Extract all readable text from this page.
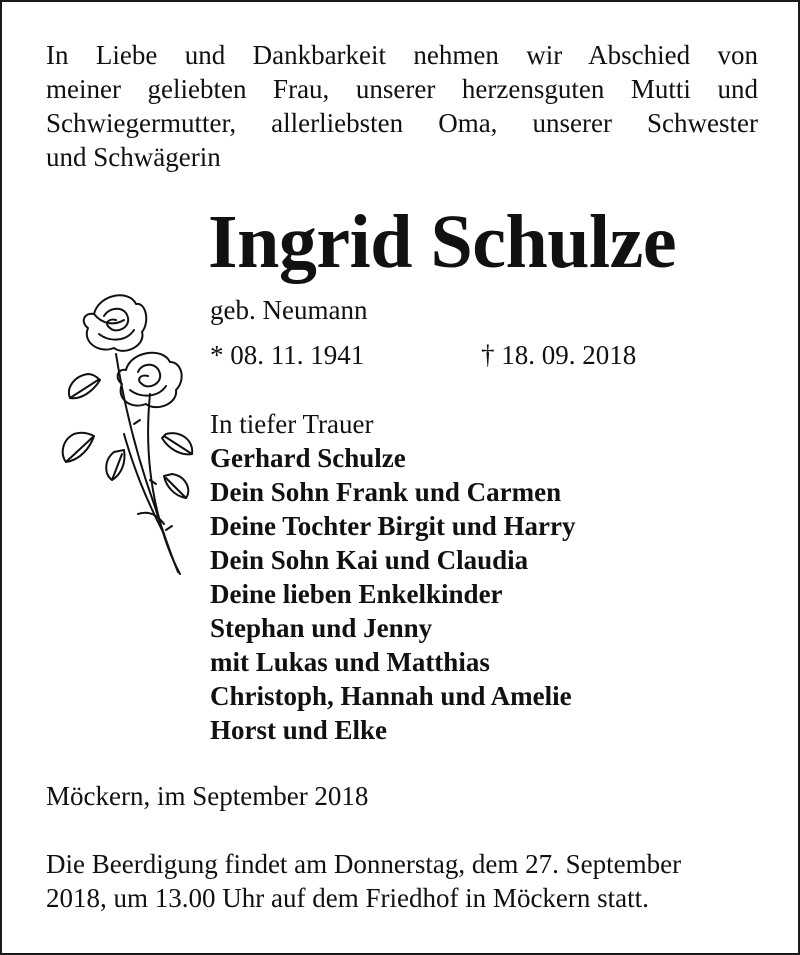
In Liebe und Dankbarkeit nehmen wir Abschied von
meiner geliebten Frau, unserer herzensguten Mutti und
Schwiegermutter, allerliebsten Oma, unserer Schwester
und Schwägerin
Ingrid Schulze
geb. Neumann
* 08. 11. 1941	† 18. 09. 2018
In tiefer Trauer
Gerhard Schulze
Dein Sohn Frank und Carmen
Deine Tochter Birgit und Harry
Dein Sohn Kai und Claudia
Deine lieben Enkelkinder
Stephan und Jenny
mit Lukas und Matthias
Christoph, Hannah und Amelie
Horst und Elke
Möckern, im September 2018
Die Beerdigung findet am Donnerstag, dem 27. September
2018, um 13.00 Uhr auf dem Friedhof in Möckern statt.
